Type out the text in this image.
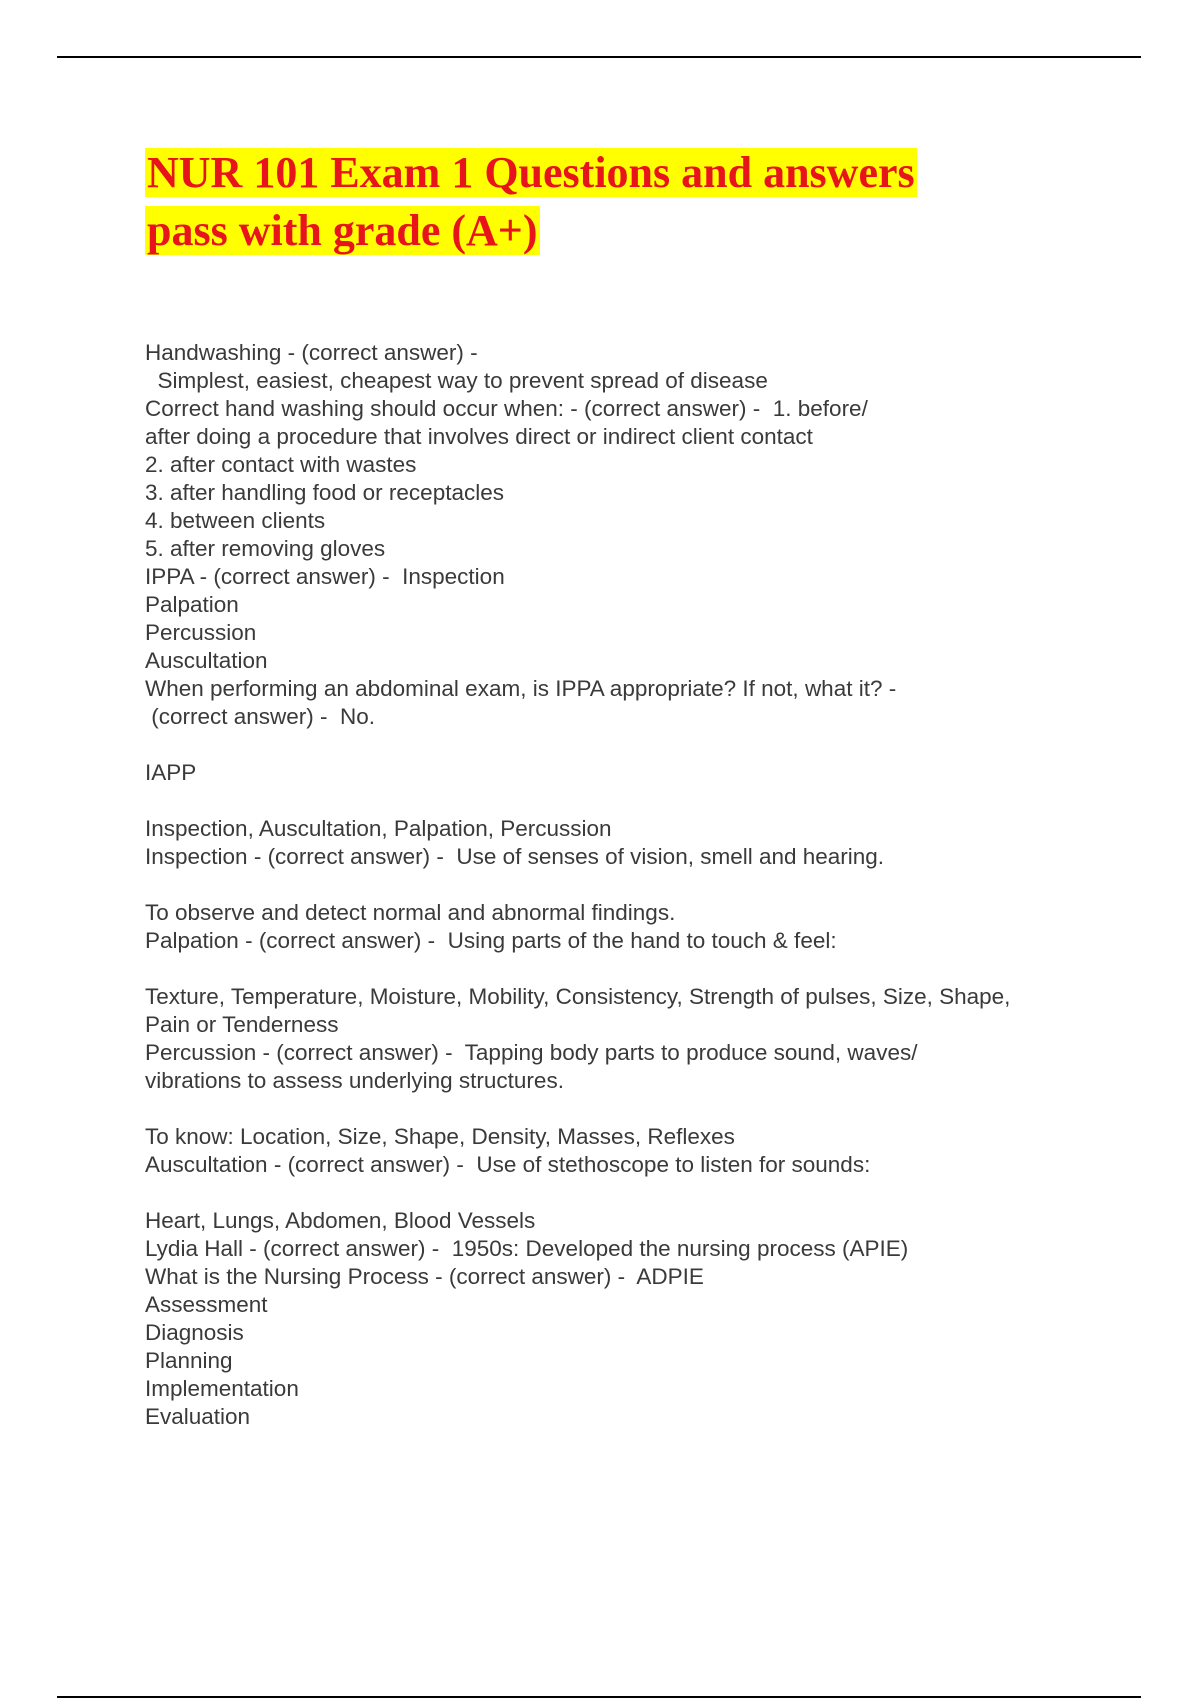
NUR 101 Exam 1 Questions and answers
pass with grade (A+)
Handwashing - (correct answer) -
Simplest, easiest, cheapest way to prevent spread of disease
Correct hand washing should occur when: - (correct answer) -  1. before/
after doing a procedure that involves direct or indirect client contact
2. after contact with wastes
3. after handling food or receptacles
4. between clients
5. after removing gloves
IPPA - (correct answer) -  Inspection
Palpation
Percussion
Auscultation
When performing an abdominal exam, is IPPA appropriate? If not, what it? -
(correct answer) -  No.
IAPP
Inspection, Auscultation, Palpation, Percussion
Inspection - (correct answer) -  Use of senses of vision, smell and hearing.
To observe and detect normal and abnormal findings.
Palpation - (correct answer) -  Using parts of the hand to touch & feel:
Texture, Temperature, Moisture, Mobility, Consistency, Strength of pulses, Size, Shape,
Pain or Tenderness
Percussion - (correct answer) -  Tapping body parts to produce sound, waves/
vibrations to assess underlying structures.
To know: Location, Size, Shape, Density, Masses, Reflexes
Auscultation - (correct answer) -  Use of stethoscope to listen for sounds:
Heart, Lungs, Abdomen, Blood Vessels
Lydia Hall - (correct answer) -  1950s: Developed the nursing process (APIE)
What is the Nursing Process - (correct answer) -  ADPIE
Assessment
Diagnosis
Planning
Implementation
Evaluation
